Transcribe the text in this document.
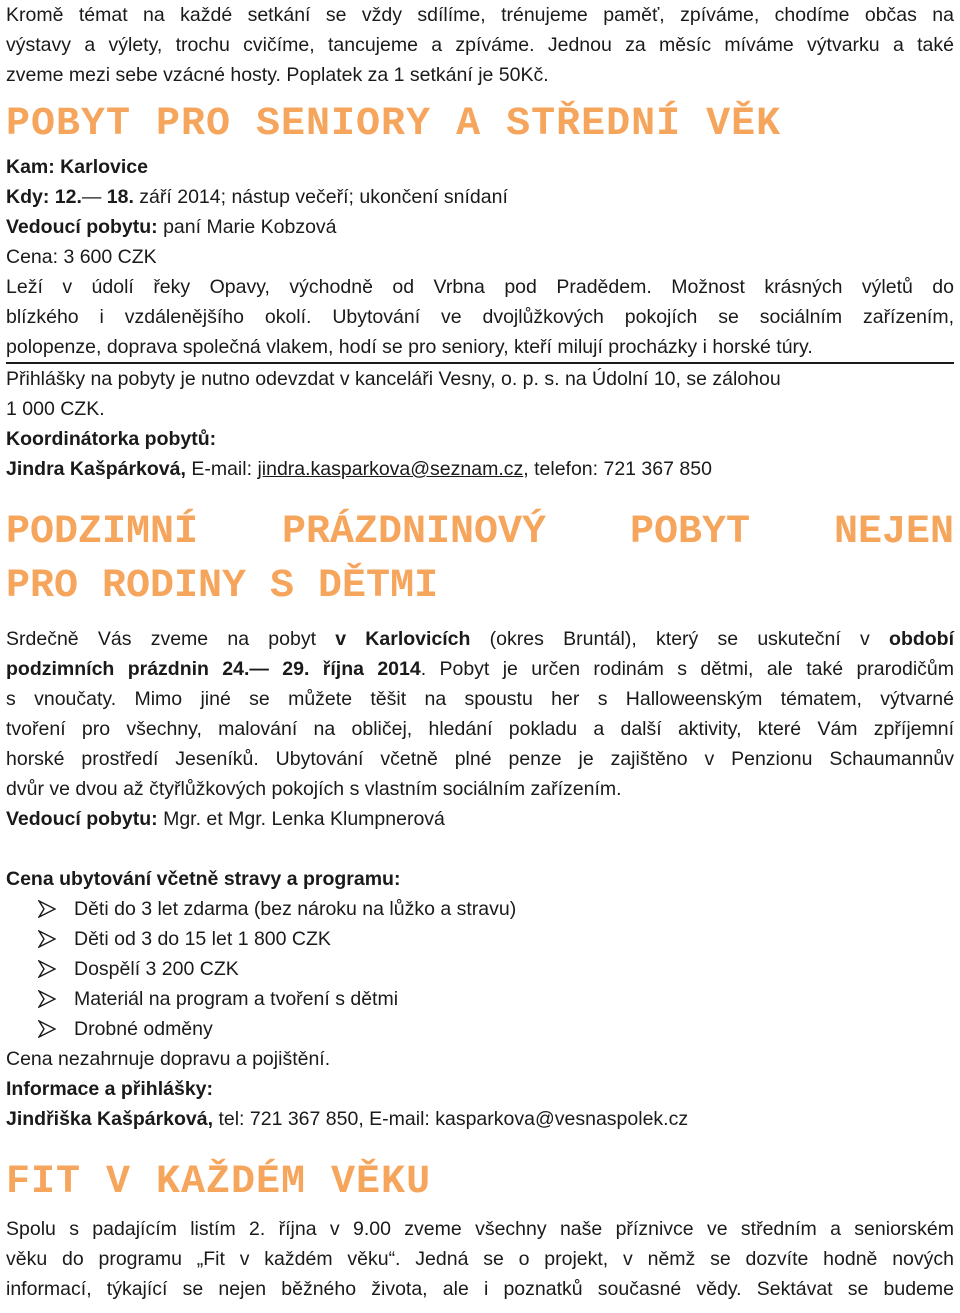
Kromě témat na každé setkání se vždy sdílíme, trénujeme paměť, zpíváme, chodíme občas na

výstavy a výlety, trochu cvičíme, tancujeme a zpíváme. Jednou za měsíc míváme výtvarku a také

zveme mezi sebe vzácné hosty. Poplatek za 1 setkání je 50Kč.

POBYT PRO SENIORY A STŘEDNÍ VĚK

Kam: Karlovice

Kdy: 12.— 18. září 2014; nástup večeří; ukončení snídaní

Vedoucí pobytu: paní Marie Kobzová

Cena: 3 600 CZK

Leží v údolí řeky Opavy, východně od Vrbna pod Pradědem. Možnost krásných výletů do

blízkého i vzdálenějšího okolí. Ubytování ve dvojlůžkových pokojích se sociálním zařízením,

polopenze, doprava společná vlakem, hodí se pro seniory, kteří milují procházky i horské túry.

Přihlášky na pobyty je nutno odevzdat v kanceláři Vesny, o. p. s. na Údolní 10, se zálohou

1 000 CZK.

Koordinátorka pobytů:

Jindra Kašpárková, E-mail: jindra.kasparkova@seznam.cz, telefon: 721 367 850

PODZIMNÍ PRÁZDNINOVÝ POBYT NEJEN
PRO RODINY S DĚTMI

Srdečně Vás zveme na pobyt v Karlovicích (okres Bruntál), který se uskuteční v období

podzimních prázdnin 24.— 29. října 2014. Pobyt je určen rodinám s dětmi, ale také prarodičům

s vnoučaty. Mimo jiné se můžete těšit na spoustu her s Halloweenským tématem, výtvarné

tvoření pro všechny, malování na obličej, hledání pokladu a další aktivity, které Vám zpříjemní

horské prostředí Jeseníků. Ubytování včetně plné penze je zajištěno v Penzionu Schaumannův

dvůr ve dvou až čtyřlůžkových pokojích s vlastním sociálním zařízením.

Vedoucí pobytu: Mgr. et Mgr. Lenka Klumpnerová

Cena ubytování včetně stravy a programu:

Děti do 3 let zdarma (bez nároku na lůžko a stravu)
Děti od 3 do 15 let 1 800 CZK
Dospělí 3 200 CZK
Materiál na program a tvoření s dětmi
Drobné odměny

Cena nezahrnuje dopravu a pojištění.

Informace a přihlášky:

Jindřiška Kašpárková, tel: 721 367 850, E-mail: kasparkova@vesnaspolek.cz

FIT V KAŽDÉM VĚKU

Spolu s padajícím listím 2. října v 9.00 zveme všechny naše příznivce ve středním a seniorském

věku do programu „Fit v každém věku“. Jedná se o projekt, v němž se dozvíte hodně nových

informací, týkající se nejen běžného života, ale i poznatků současné vědy. Sektávat se budeme
